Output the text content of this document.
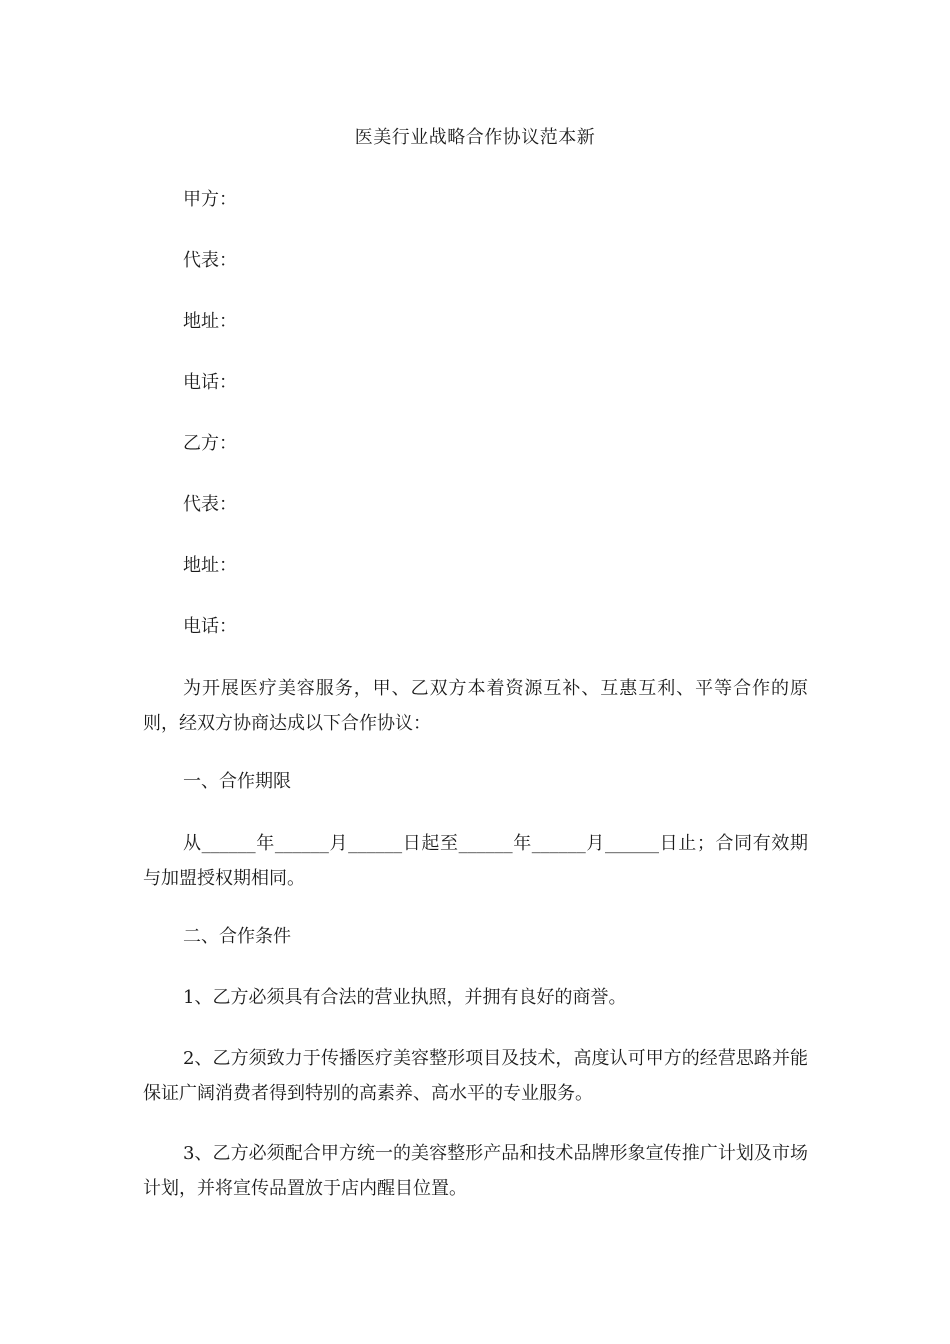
医美行业战略合作协议范本新
甲方：
代表：
地址：
电话：
乙方：
代表：
地址：
电话：
为开展医疗美容服务，甲、乙双方本着资源互补、互惠互利、平等合作的原则，经双方协商达成以下合作协议：
一、合作期限
从______年______月______日起至______年______月______日止；合同有效期与加盟授权期相同。
二、合作条件
1、乙方必须具有合法的营业执照，并拥有良好的商誉。
2、乙方须致力于传播医疗美容整形项目及技术，高度认可甲方的经营思路并能保证广阔消费者得到特别的高素养、高水平的专业服务。
3、乙方必须配合甲方统一的美容整形产品和技术品牌形象宣传推广计划及市场计划，并将宣传品置放于店内醒目位置。
